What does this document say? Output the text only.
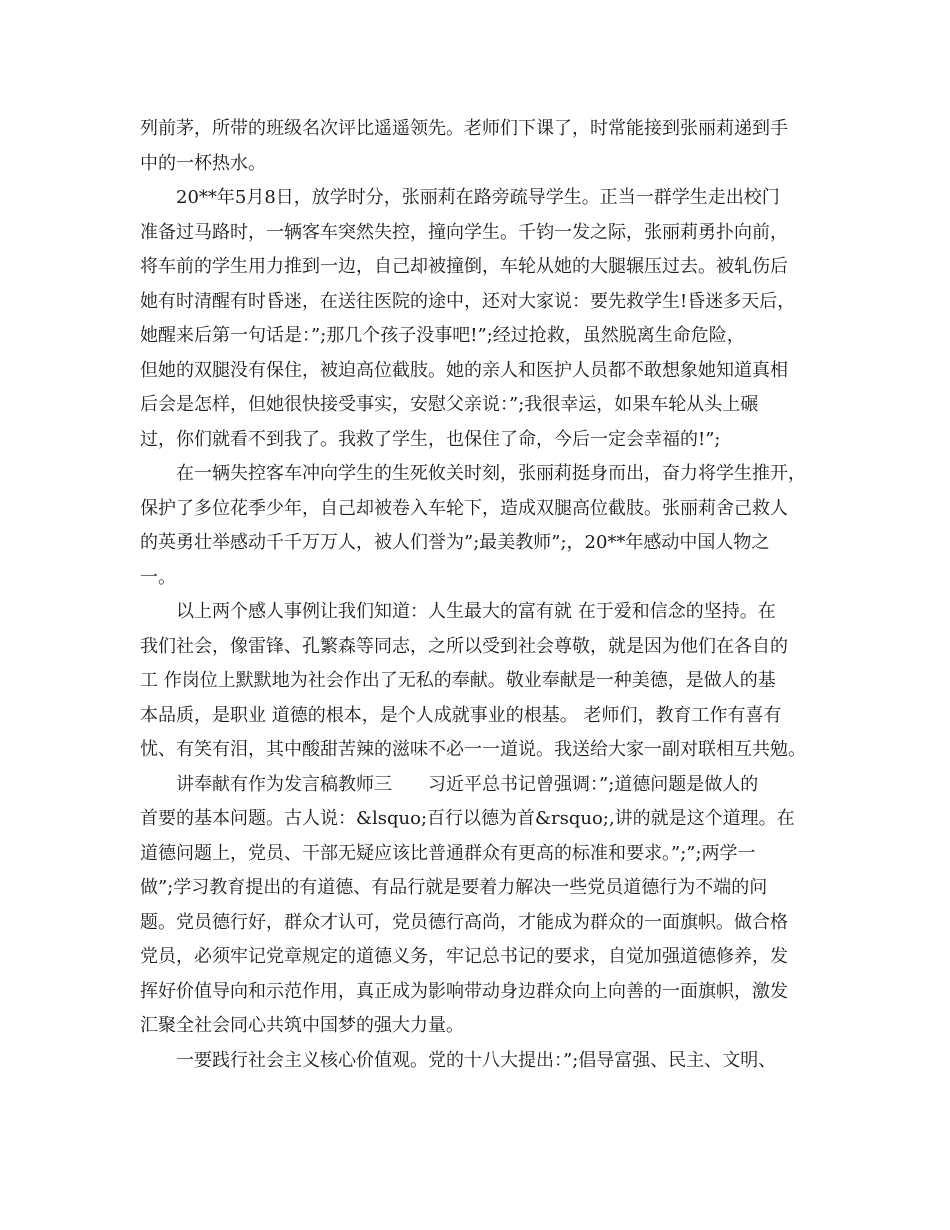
列前茅，所带的班级名次评比遥遥领先。老师们下课了，时常能接到张丽莉递到手
中的一杯热水。
20**年5月8日，放学时分，张丽莉在路旁疏导学生。正当一群学生走出校门
准备过马路时，一辆客车突然失控，撞向学生。千钧一发之际，张丽莉勇扑向前，
将车前的学生用力推到一边，自己却被撞倒，车轮从她的大腿辗压过去。被轧伤后
她有时清醒有时昏迷，在送往医院的途中，还对大家说：要先救学生!昏迷多天后，
她醒来后第一句话是：”;那几个孩子没事吧!”;经过抢救，虽然脱离生命危险，
但她的双腿没有保住，被迫高位截肢。她的亲人和医护人员都不敢想象她知道真相
后会是怎样，但她很快接受事实，安慰父亲说：”;我很幸运，如果车轮从头上碾
过，你们就看不到我了。我救了学生，也保住了命，今后一定会幸福的!”;
在一辆失控客车冲向学生的生死攸关时刻，张丽莉挺身而出，奋力将学生推开，
保护了多位花季少年，自己却被卷入车轮下，造成双腿高位截肢。张丽莉舍己救人
的英勇壮举感动千千万万人，被人们誉为”;最美教师”;，20**年感动中国人物之
一。
以上两个感人事例让我们知道：人生最大的富有就 在于爱和信念的坚持。在
我们社会，像雷锋、孔繁森等同志，之所以受到社会尊敬，就是因为他们在各自的
工 作岗位上默默地为社会作出了无私的奉献。敬业奉献是一种美德，是做人的基
本品质，是职业 道德的根本，是个人成就事业的根基。 老师们，教育工作有喜有
忧、有笑有泪，其中酸甜苦辣的滋味不必一一道说。我送给大家一副对联相互共勉。
讲奉献有作为发言稿教师三　　习近平总书记曾强调：”;道德问题是做人的
首要的基本问题。古人说：&lsquo;百行以德为首&rsquo;,讲的就是这个道理。在
道德问题上，党员、干部无疑应该比普通群众有更高的标准和要求。”;”;两学一
做”;学习教育提出的有道德、有品行就是要着力解决一些党员道德行为不端的问
题。党员德行好，群众才认可，党员德行高尚，才能成为群众的一面旗帜。做合格
党员，必须牢记党章规定的道德义务，牢记总书记的要求，自觉加强道德修养，发
挥好价值导向和示范作用，真正成为影响带动身边群众向上向善的一面旗帜，激发
汇聚全社会同心共筑中国梦的强大力量。
一要践行社会主义核心价值观。党的十八大提出：”;倡导富强、民主、文明、
